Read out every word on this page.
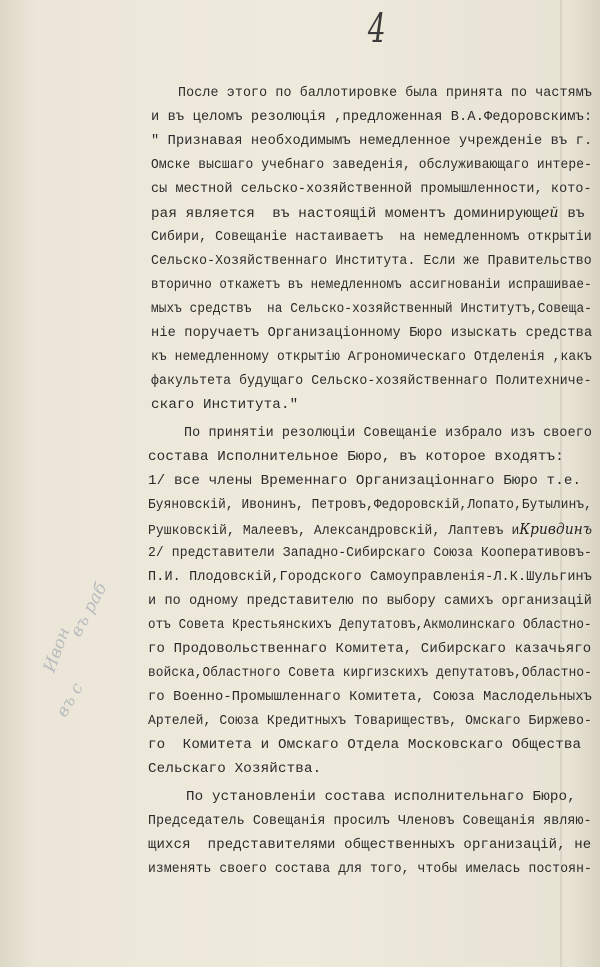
4
въ раб
Ивон
въ с
После этого по баллотировке была принята по частямъ
и въ целомъ резолюція ,предложенная В.А.Федоровскимъ:
" Признавая необходимымъ немедленное учрежденіе въ г.
Омске высшаго учебнаго заведенія, обслуживающаго интере-
сы местной сельско-хозяйственной промышленности, кото-
рая является  въ настоящій моментъ доминирующей въ
Сибири, Совещаніе настаиваетъ  на немедленномъ открытіи
Сельско-Хозяйственнаго Института. Если же Правительство
вторично откажетъ въ немедленномъ ассигнованіи испрашивае-
мыхъ средствъ  на Сельско-хозяйственный Институтъ,Совеща-
ніе поручаетъ Организаціонному Бюро изыскать средства
къ немедленному открытію Агрономическаго Отделенія ,какъ
факультета будущаго Сельско-хозяйственнаго Политехниче-
скаго Института."
По принятіи резолюціи Совещаніе избрало изъ своего
состава Исполнительное Бюро, въ которое входятъ:
1/ все члены Временнаго Организаціоннаго Бюро т.е.
Буяновскій, Ивонинъ, Петровъ,Федоровскій,Лопато,Бутылинъ,
Рушковскій, Малеевъ, Александровскій, Лаптевъ иКривдинъ
2/ представители Западно-Сибирскаго Союза Кооперативовъ-
П.И. Плодовскій,Городского Самоуправленія-Л.К.Шульгинъ
и по одному представителю по выбору самихъ организацій
отъ Совета Крестьянскихъ Депутатовъ,Акмолинскаго Областно-
го Продовольственнаго Комитета, Сибирскаго казачьяго
войска,Областного Совета киргизскихъ депутатовъ,Областно-
го Военно-Промышленнаго Комитета, Союза Маслодельныхъ
Артелей, Союза Кредитныхъ Товариществъ, Омскаго Биржево-
го  Комитета и Омскаго Отдела Московскаго Общества
Сельскаго Хозяйства.
По установленіи состава исполнительнаго Бюро,
Председатель Совещанія просилъ Членовъ Совещанія являю-
щихся  представителями общественныхъ организацій, не
изменять своего состава для того, чтобы имелась постоян-
